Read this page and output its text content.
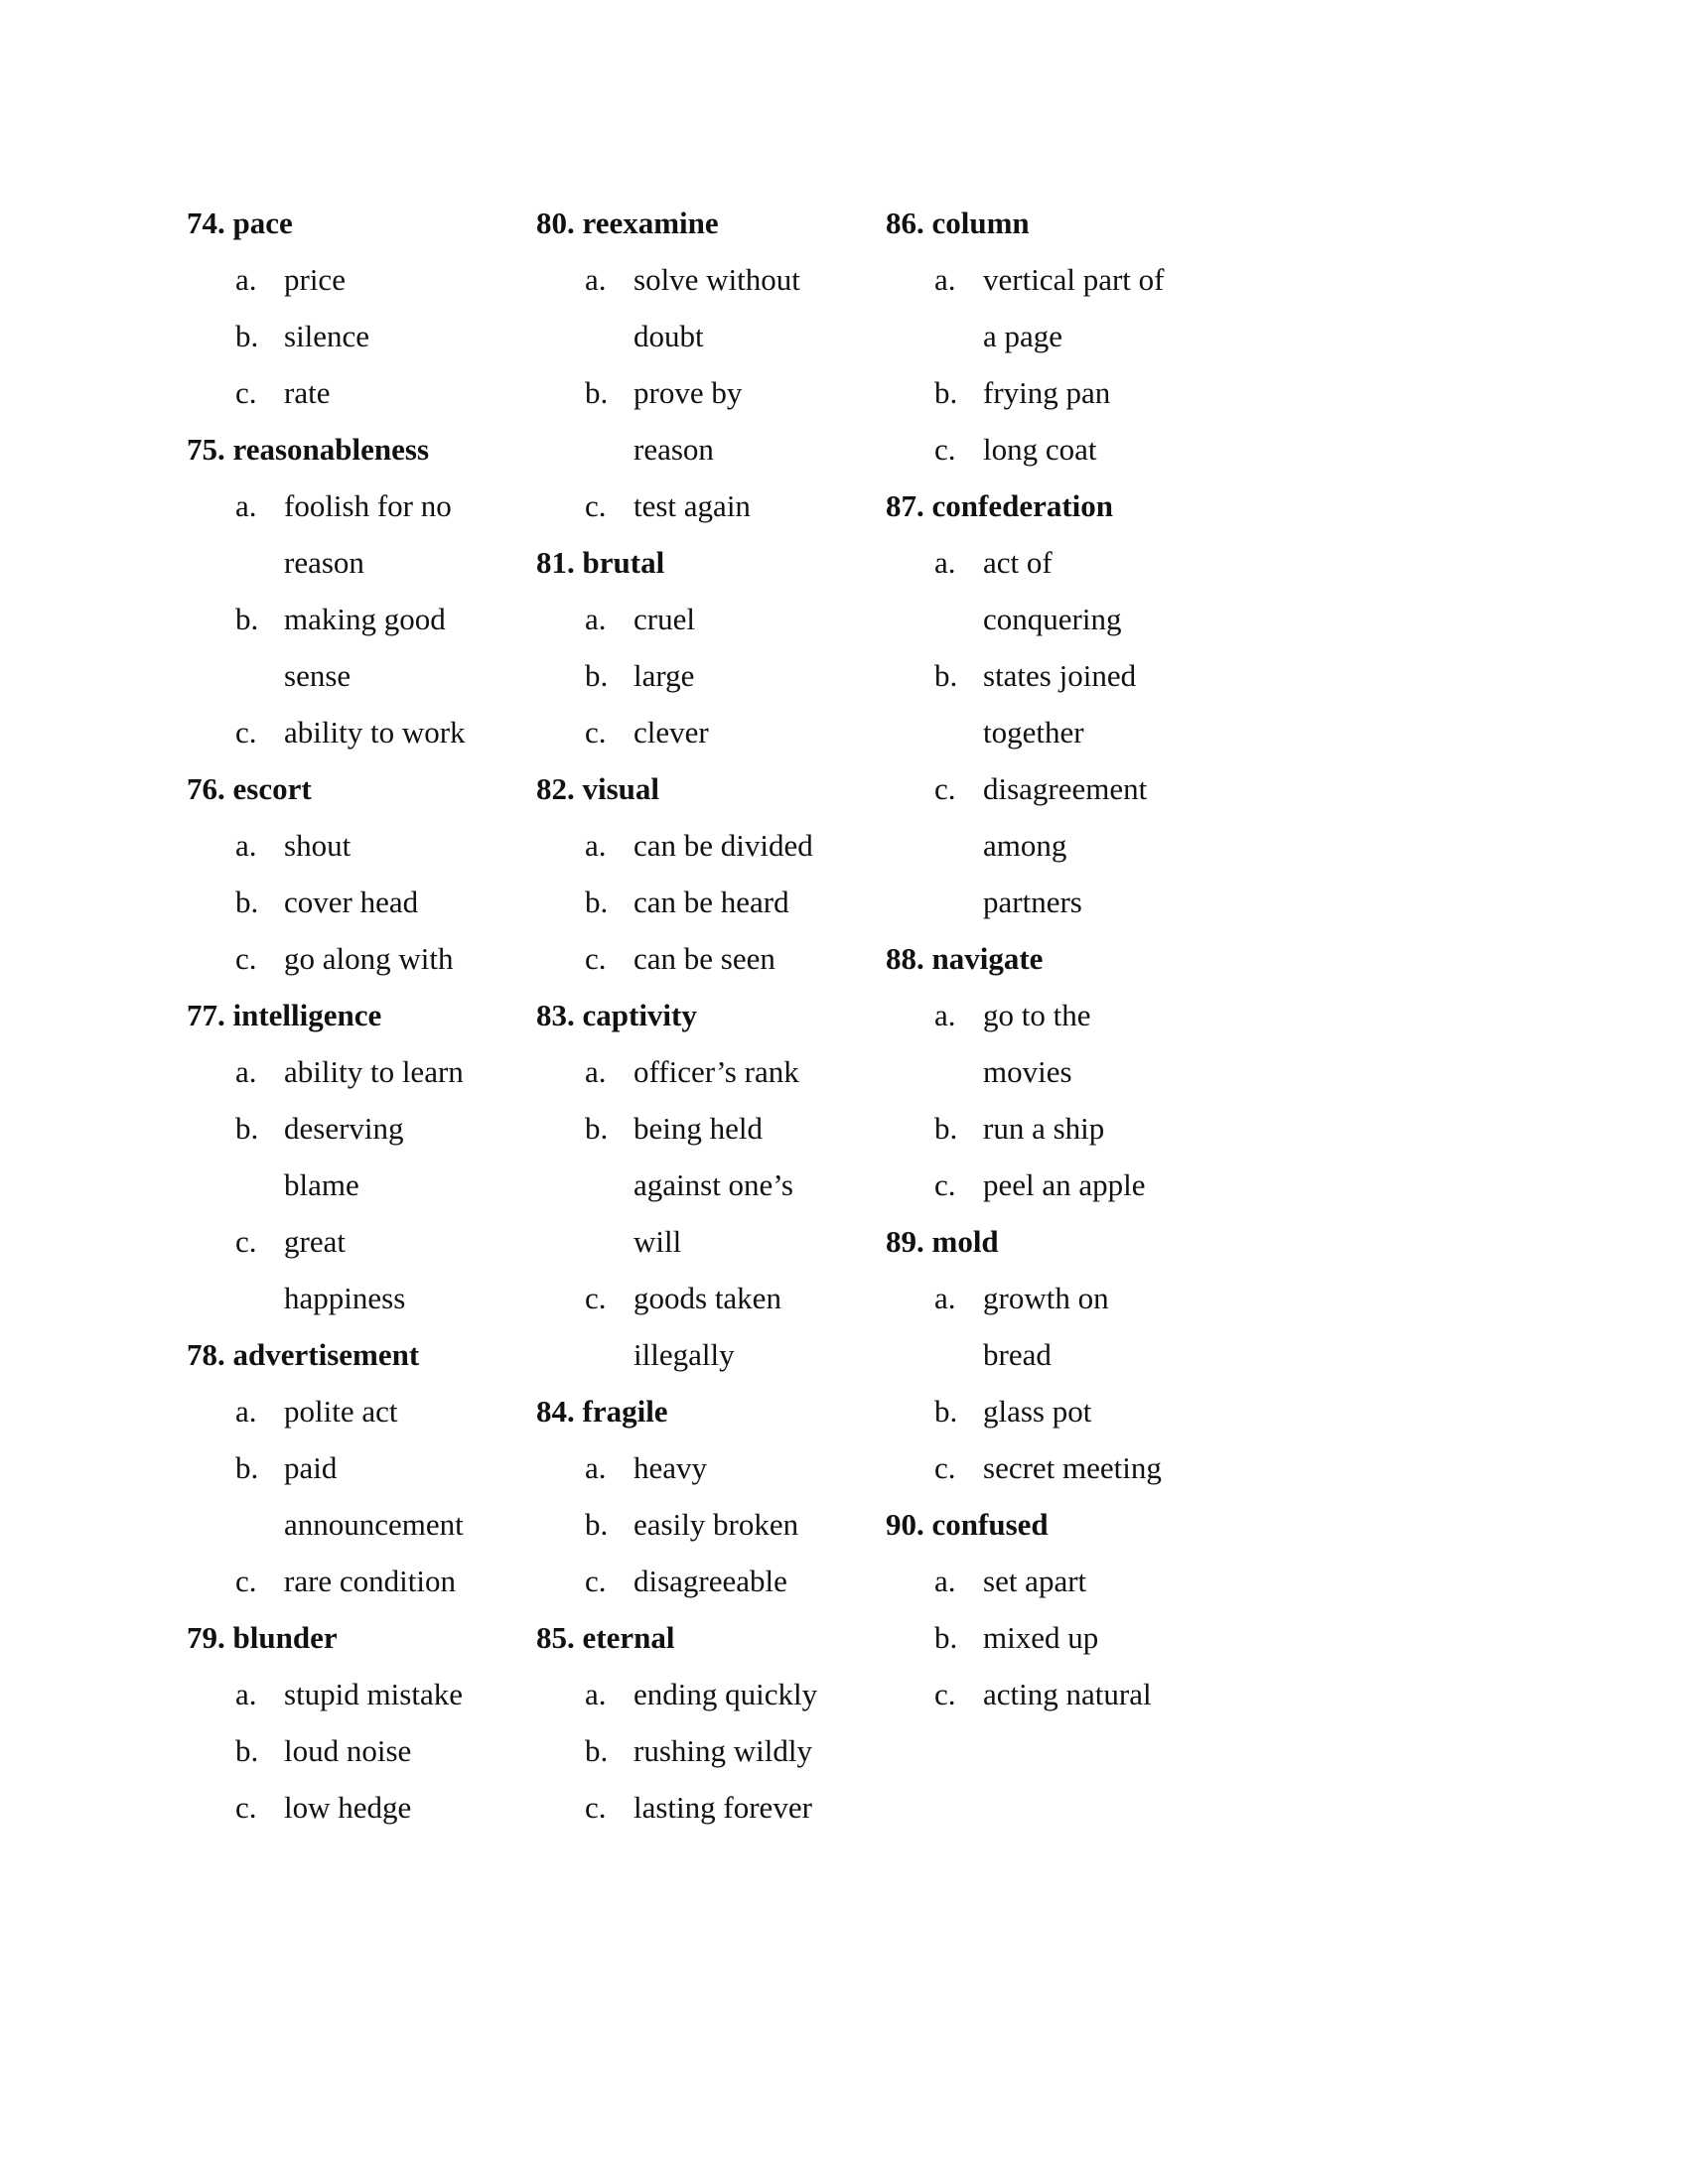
74. pace
a. price
b. silence
c. rate
75. reasonableness
a. foolish for no
reason
b. making good
sense
c. ability to work
76. escort
a. shout
b. cover head
c. go along with
77. intelligence
a. ability to learn
b. deserving
blame
c. great
happiness
78. advertisement
a. polite act
b. paid
announcement
c. rare condition
79. blunder
a. stupid mistake
b. loud noise
c. low hedge
80. reexamine
a. solve without
doubt
b. prove by
reason
c. test again
81. brutal
a. cruel
b. large
c. clever
82. visual
a. can be divided
b. can be heard
c. can be seen
83. captivity
a. officer’s rank
b. being held
against one’s
will
c. goods taken
illegally
84. fragile
a. heavy
b. easily broken
c. disagreeable
85. eternal
a. ending quickly
b. rushing wildly
c. lasting forever
86. column
a. vertical part of
a page
b. frying pan
c. long coat
87. confederation
a. act of
conquering
b. states joined
together
c. disagreement
among
partners
88. navigate
a. go to the
movies
b. run a ship
c. peel an apple
89. mold
a. growth on
bread
b. glass pot
c. secret meeting
90. confused
a. set apart
b. mixed up
c. acting natural
